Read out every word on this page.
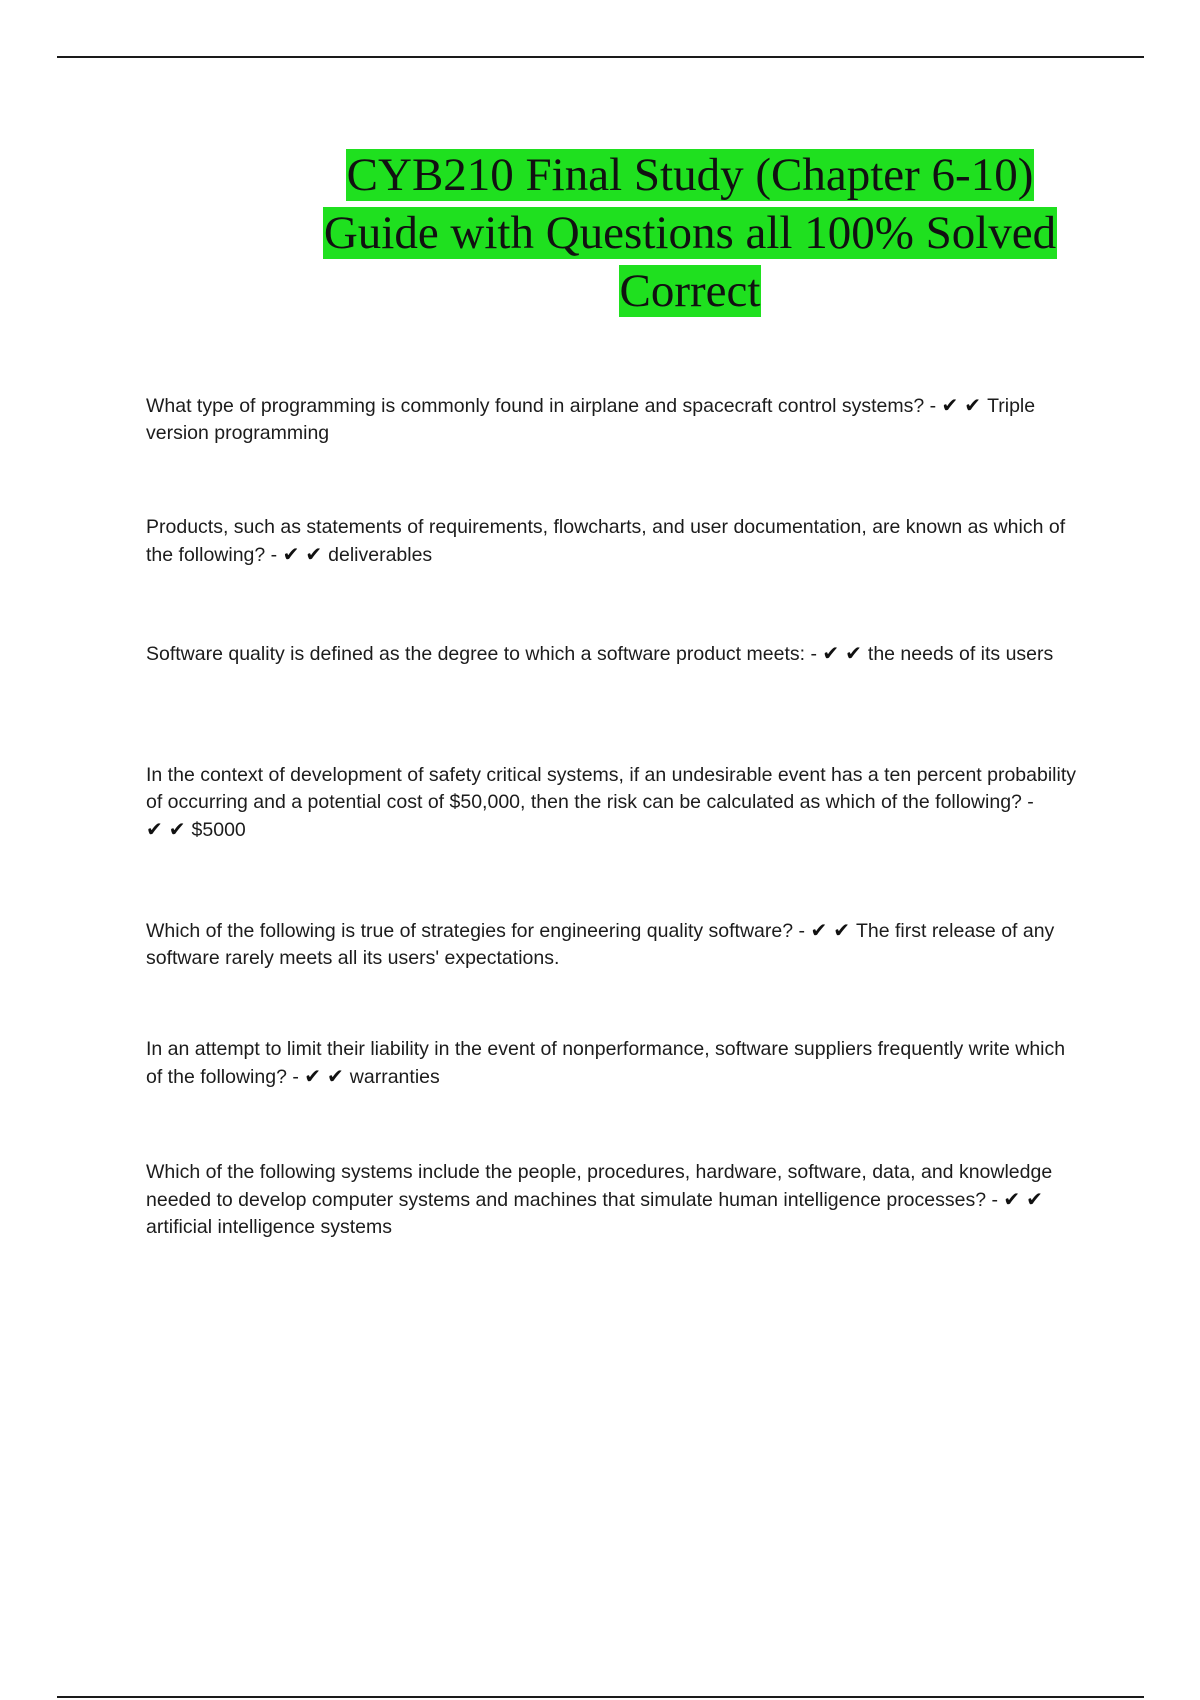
CYB210 Final Study (Chapter 6-10)
Guide with Questions all 100% Solved
Correct
What type of programming is commonly found in airplane and spacecraft control systems? - ✔ ✔ Triple version programming
Products, such as statements of requirements, flowcharts, and user documentation, are known as which of the following? - ✔ ✔ deliverables
Software quality is defined as the degree to which a software product meets: - ✔ ✔ the needs of its users
In the context of development of safety critical systems, if an undesirable event has a ten percent probability of occurring and a potential cost of $50,000, then the risk can be calculated as which of the following? - ✔ ✔ $5000
Which of the following is true of strategies for engineering quality software? - ✔ ✔ The first release of any software rarely meets all its users' expectations.
In an attempt to limit their liability in the event of nonperformance, software suppliers frequently write which of the following? - ✔ ✔ warranties
Which of the following systems include the people, procedures, hardware, software, data, and knowledge needed to develop computer systems and machines that simulate human intelligence processes? - ✔ ✔artificial intelligence systems
